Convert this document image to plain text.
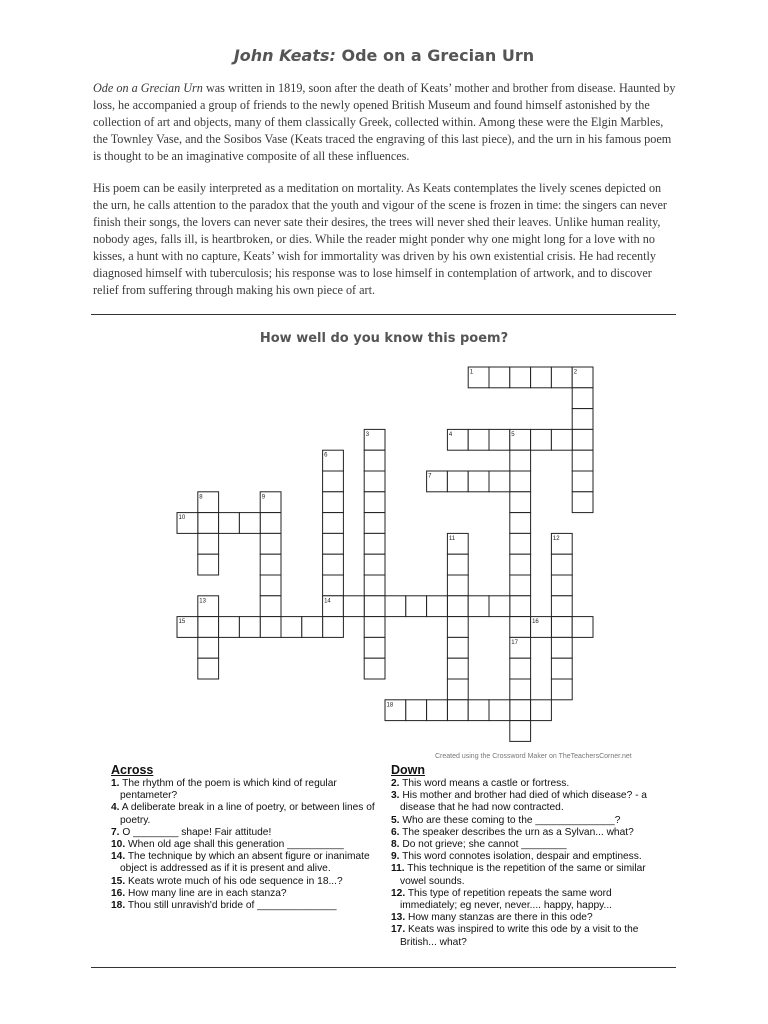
John Keats: Ode on a Grecian Urn

Ode on a Grecian Urn was written in 1819, soon after the death of Keats’ mother and brother from disease. Haunted by loss, he accompanied a group of friends to the newly opened British Museum and found himself astonished by the collection of art and objects, many of them classically Greek, collected within. Among these were the Elgin Marbles, the Townley Vase, and the Sosibos Vase (Keats traced the engraving of this last piece), and the urn in his famous poem is thought to be an imaginative composite of all these influences.

His poem can be easily interpreted as a meditation on mortality. As Keats contemplates the lively scenes depicted on the urn, he calls attention to the paradox that the youth and vigour of the scene is frozen in time: the singers can never finish their songs, the lovers can never sate their desires, the trees will never shed their leaves. Unlike human reality, nobody ages, falls ill, is heartbroken, or dies. While the reader might ponder why one might long for a love with no kisses, a hunt with no capture, Keats’ wish for immortality was driven by his own existential crisis. He had recently diagnosed himself with tuberculosis; his response was to lose himself in contemplation of artwork, and to discover relief from suffering through making his own piece of art.

How well do you know this poem?
1	2
3	4	5
6
7
8	9
10
11	12
13	14
15	16
17
18
Created using the Crossword Maker on TheTeachersCorner.net
Across
1. The rhythm of the poem is which kind of regular pentameter?
4. A deliberate break in a line of poetry, or between lines of poetry.
7. O ________ shape! Fair attitude!
10. When old age shall this generation __________
14. The technique by which an absent figure or inanimate object is addressed as if it is present and alive.
15. Keats wrote much of his ode sequence in 18...?
16. How many line are in each stanza?
18. Thou still unravish'd bride of ______________
Down
2. This word means a castle or fortress.
3. His mother and brother had died of which disease? - a disease that he had now contracted.
5. Who are these coming to the ______________?
6. The speaker describes the urn as a Sylvan... what?
8. Do not grieve; she cannot ________
9. This word connotes isolation, despair and emptiness.
11. This technique is the repetition of the same or similar vowel sounds.
12. This type of repetition repeats the same word immediately; eg never, never.... happy, happy...
13. How many stanzas are there in this ode?
17. Keats was inspired to write this ode by a visit to the British... what?
